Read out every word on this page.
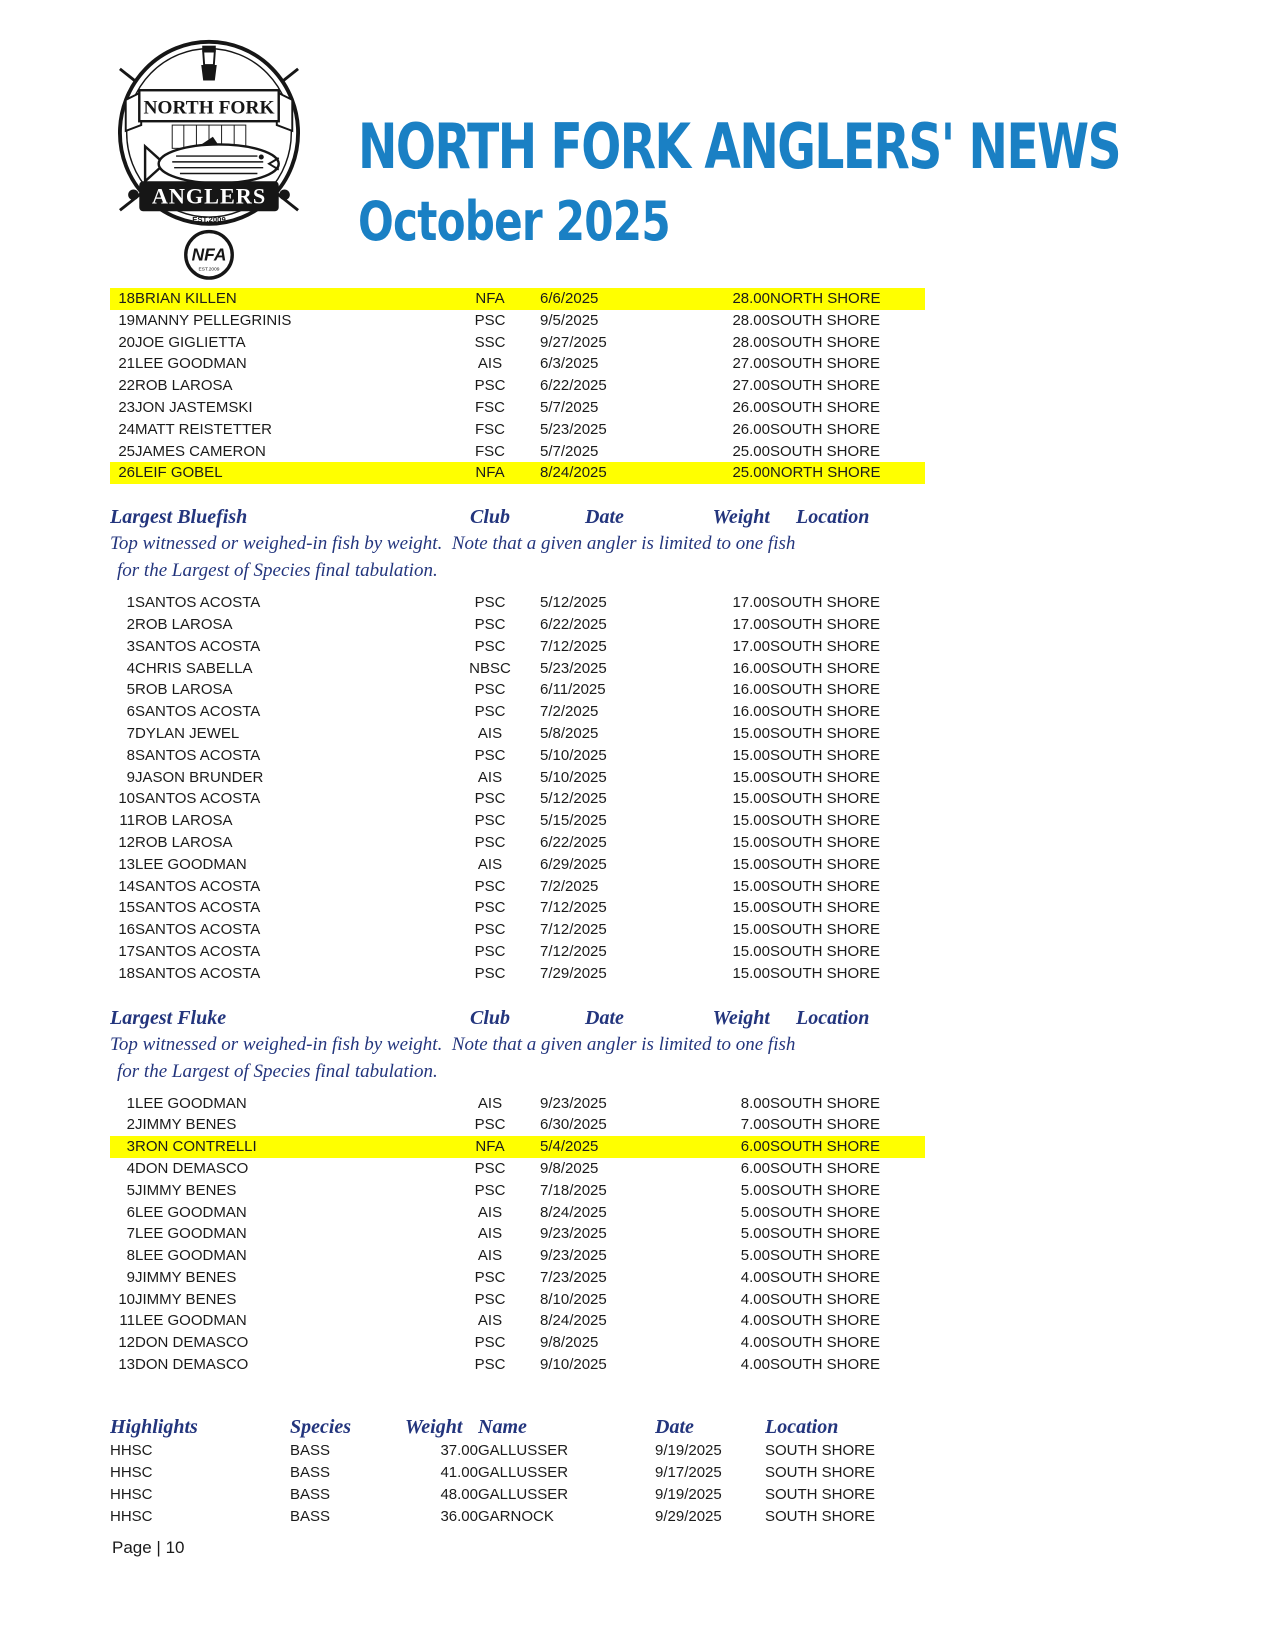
NORTH FORK
ANGLERS
EST.2009
NFA
EST.2009
NORTH FORK ANGLERS' NEWS
October 2025
18	BRIAN KILLEN	NFA	6/6/2025	28.00	NORTH SHORE
19	MANNY PELLEGRINIS	PSC	9/5/2025	28.00	SOUTH SHORE
20	JOE GIGLIETTA	SSC	9/27/2025	28.00	SOUTH SHORE
21	LEE GOODMAN	AIS	6/3/2025	27.00	SOUTH SHORE
22	ROB LAROSA	PSC	6/22/2025	27.00	SOUTH SHORE
23	JON JASTEMSKI	FSC	5/7/2025	26.00	SOUTH SHORE
24	MATT REISTETTER	FSC	5/23/2025	26.00	SOUTH SHORE
25	JAMES CAMERON	FSC	5/7/2025	25.00	SOUTH SHORE
26	LEIF GOBEL	NFA	8/24/2025	25.00	NORTH SHORE
Largest Bluefish	Club	Date	Weight	Location
Top witnessed or weighed-in fish by weight.  Note that a given angler is limited to one fish
for the Largest of Species final tabulation.
1	SANTOS ACOSTA	PSC	5/12/2025	17.00	SOUTH SHORE
2	ROB LAROSA	PSC	6/22/2025	17.00	SOUTH SHORE
3	SANTOS ACOSTA	PSC	7/12/2025	17.00	SOUTH SHORE
4	CHRIS SABELLA	NBSC	5/23/2025	16.00	SOUTH SHORE
5	ROB LAROSA	PSC	6/11/2025	16.00	SOUTH SHORE
6	SANTOS ACOSTA	PSC	7/2/2025	16.00	SOUTH SHORE
7	DYLAN JEWEL	AIS	5/8/2025	15.00	SOUTH SHORE
8	SANTOS ACOSTA	PSC	5/10/2025	15.00	SOUTH SHORE
9	JASON BRUNDER	AIS	5/10/2025	15.00	SOUTH SHORE
10	SANTOS ACOSTA	PSC	5/12/2025	15.00	SOUTH SHORE
11	ROB LAROSA	PSC	5/15/2025	15.00	SOUTH SHORE
12	ROB LAROSA	PSC	6/22/2025	15.00	SOUTH SHORE
13	LEE GOODMAN	AIS	6/29/2025	15.00	SOUTH SHORE
14	SANTOS ACOSTA	PSC	7/2/2025	15.00	SOUTH SHORE
15	SANTOS ACOSTA	PSC	7/12/2025	15.00	SOUTH SHORE
16	SANTOS ACOSTA	PSC	7/12/2025	15.00	SOUTH SHORE
17	SANTOS ACOSTA	PSC	7/12/2025	15.00	SOUTH SHORE
18	SANTOS ACOSTA	PSC	7/29/2025	15.00	SOUTH SHORE
Largest Fluke	Club	Date	Weight	Location
Top witnessed or weighed-in fish by weight.  Note that a given angler is limited to one fish
for the Largest of Species final tabulation.
1	LEE GOODMAN	AIS	9/23/2025	8.00	SOUTH SHORE
2	JIMMY BENES	PSC	6/30/2025	7.00	SOUTH SHORE
3	RON CONTRELLI	NFA	5/4/2025	6.00	SOUTH SHORE
4	DON DEMASCO	PSC	9/8/2025	6.00	SOUTH SHORE
5	JIMMY BENES	PSC	7/18/2025	5.00	SOUTH SHORE
6	LEE GOODMAN	AIS	8/24/2025	5.00	SOUTH SHORE
7	LEE GOODMAN	AIS	9/23/2025	5.00	SOUTH SHORE
8	LEE GOODMAN	AIS	9/23/2025	5.00	SOUTH SHORE
9	JIMMY BENES	PSC	7/23/2025	4.00	SOUTH SHORE
10	JIMMY BENES	PSC	8/10/2025	4.00	SOUTH SHORE
11	LEE GOODMAN	AIS	8/24/2025	4.00	SOUTH SHORE
12	DON DEMASCO	PSC	9/8/2025	4.00	SOUTH SHORE
13	DON DEMASCO	PSC	9/10/2025	4.00	SOUTH SHORE
Highlights	Species	Weight	Name	Date	Location
HHSC	BASS	37.00	GALLUSSER	9/19/2025	SOUTH SHORE
HHSC	BASS	41.00	GALLUSSER	9/17/2025	SOUTH SHORE
HHSC	BASS	48.00	GALLUSSER	9/19/2025	SOUTH SHORE
HHSC	BASS	36.00	GARNOCK	9/29/2025	SOUTH SHORE
Page | 10
